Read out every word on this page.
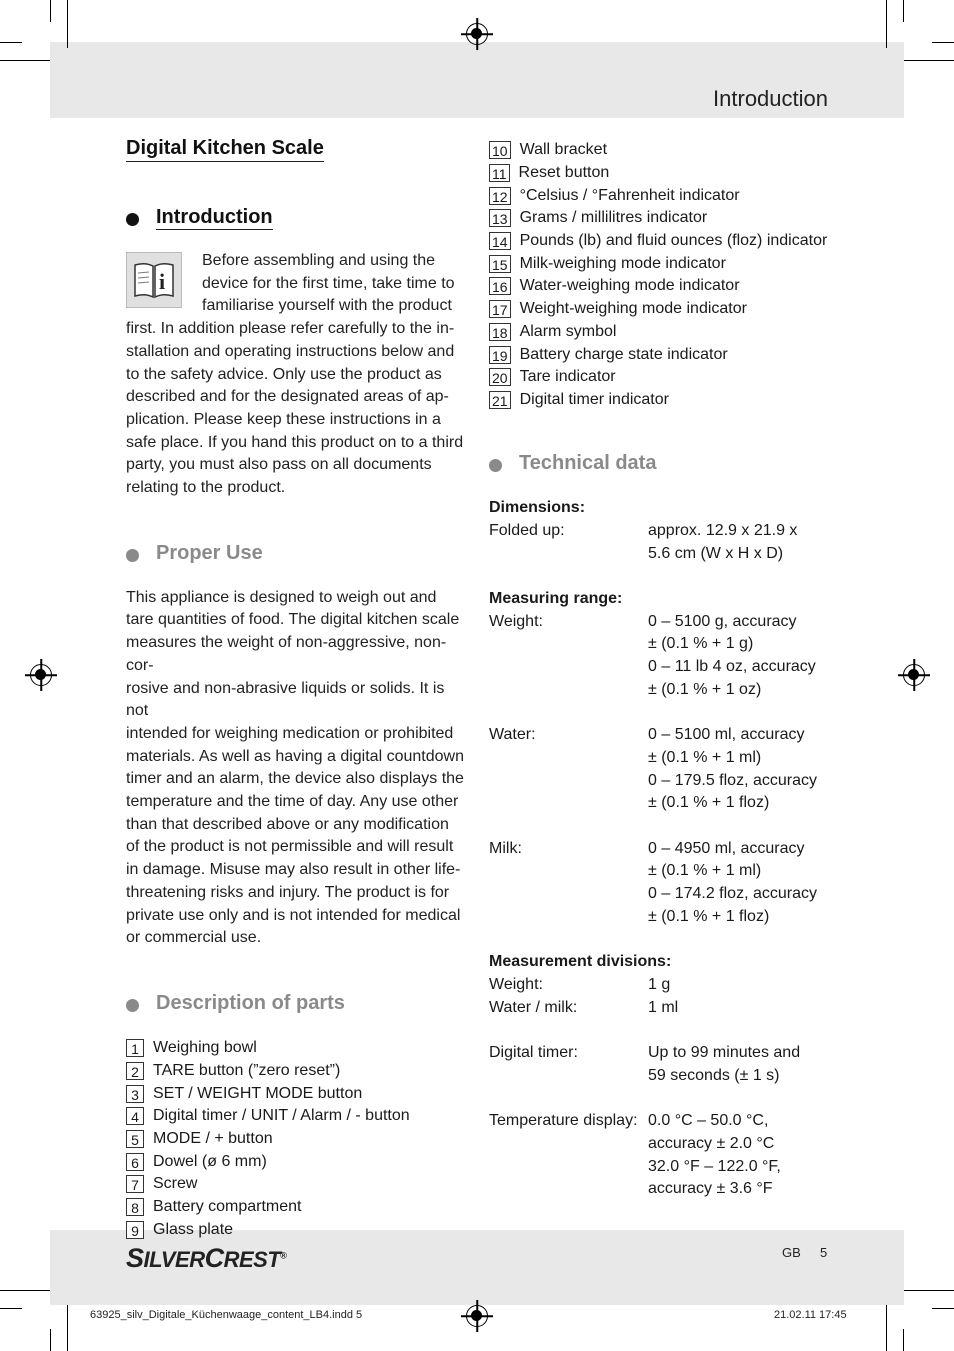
Introduction
Digital Kitchen Scale
Introduction
i

Before assembling and using the

device for the first time, take time to

familiarise yourself with the product

first. In addition please refer carefully to the in-

stallation and operating instructions below and

to the safety advice. Only use the product as

described and for the designated areas of ap-

plication. Please keep these instructions in a

safe place. If you hand this product on to a third

party, you must also pass on all documents

relating to the product.

Proper Use

This appliance is designed to weigh out and

tare quantities of food. The digital kitchen scale

measures the weight of non-aggressive, non-cor-

rosive and non-abrasive liquids or solids. It is not

intended for weighing medication or prohibited

materials. As well as having a digital countdown

timer and an alarm, the device also displays the

temperature and the time of day. Any use other

than that described above or any modification

of the product is not permissible and will result

in damage. Misuse may also result in other life-

threatening risks and injury. The product is for

private use only and is not intended for medical

or commercial use.

Description of parts
1 Weighing bowl
2 TARE button (”zero reset”)
3 SET / WEIGHT MODE button
4 Digital timer / UNIT / Alarm / - button
5 MODE / + button
6 Dowel (ø 6 mm)
7 Screw
8 Battery compartment
9 Glass plate
10 Wall bracket
11 Reset button
12 °Celsius / °Fahrenheit indicator
13 Grams / millilitres indicator
14 Pounds (lb) and fluid ounces (floz) indicator
15 Milk-weighing mode indicator
16 Water-weighing mode indicator
17 Weight-weighing mode indicator
18 Alarm symbol
19 Battery charge state indicator
20 Tare indicator
21 Digital timer indicator
Technical data
Dimensions:
Folded up:	approx. 12.9 x 21.9 x
5.6 cm (W x H x D)
Measuring range:
Weight:	0 – 5100 g, accuracy
± (0.1 % + 1 g)
0 – 11 lb 4 oz, accuracy
± (0.1 % + 1 oz)
Water:	0 – 5100 ml, accuracy
± (0.1 % + 1 ml)
0 – 179.5 floz, accuracy
± (0.1 % + 1 floz)
Milk:	0 – 4950 ml, accuracy
± (0.1 % + 1 ml)
0 – 174.2 floz, accuracy
± (0.1 % + 1 floz)
Measurement divisions:
Weight:	1 g
Water / milk:	1 ml
Digital timer:	Up to 99 minutes and
59 seconds (± 1 s)
Temperature display: 0.0 °C – 50.0 °C,
accuracy ± 2.0 °C
32.0 °F – 122.0 °F,
accuracy ± 3.6 °F
SILVERCREST®	GB 5
63925_silv_Digitale_Küchenwaage_content_LB4.indd 5	21.02.11 17:45
